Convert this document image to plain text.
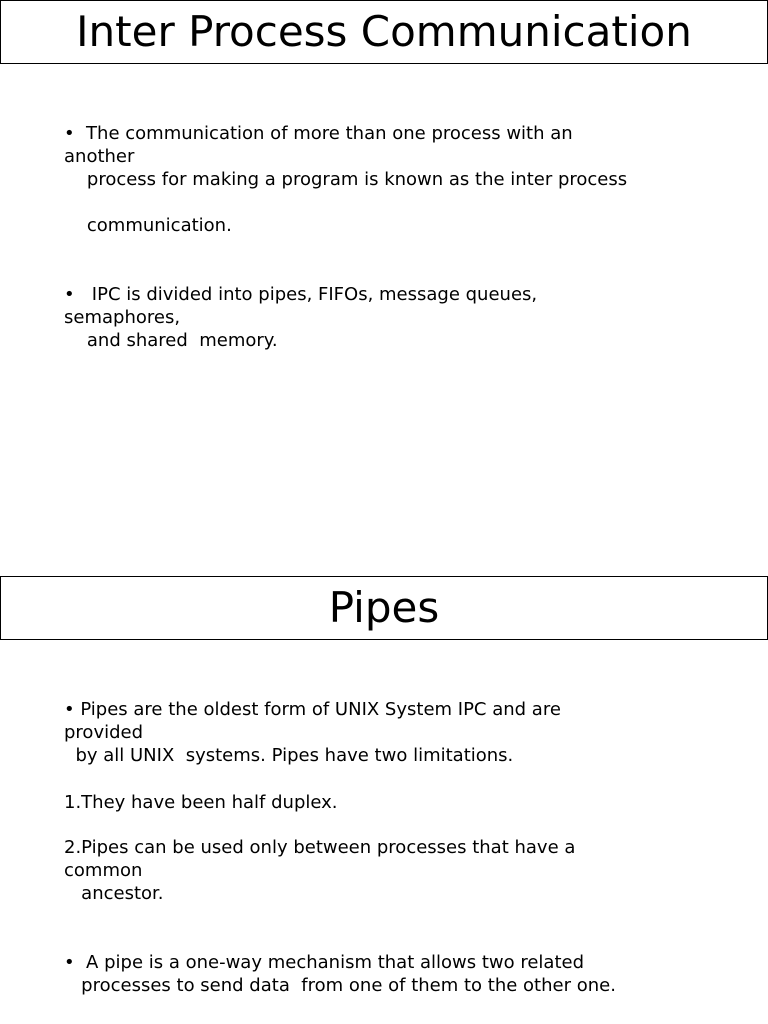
Inter Process Communication

•  The communication of more than one process with an

another

process for making a program is known as the inter process

communication.

•   IPC is divided into pipes, FIFOs, message queues,

semaphores,

and shared  memory.

Pipes

• Pipes are the oldest form of UNIX System IPC and are

provided

by all UNIX  systems. Pipes have two limitations.

1.They have been half duplex.

2.Pipes can be used only between processes that have a

common

ancestor.

•  A pipe is a one-way mechanism that allows two related

processes to send data  from one of them to the other one.
